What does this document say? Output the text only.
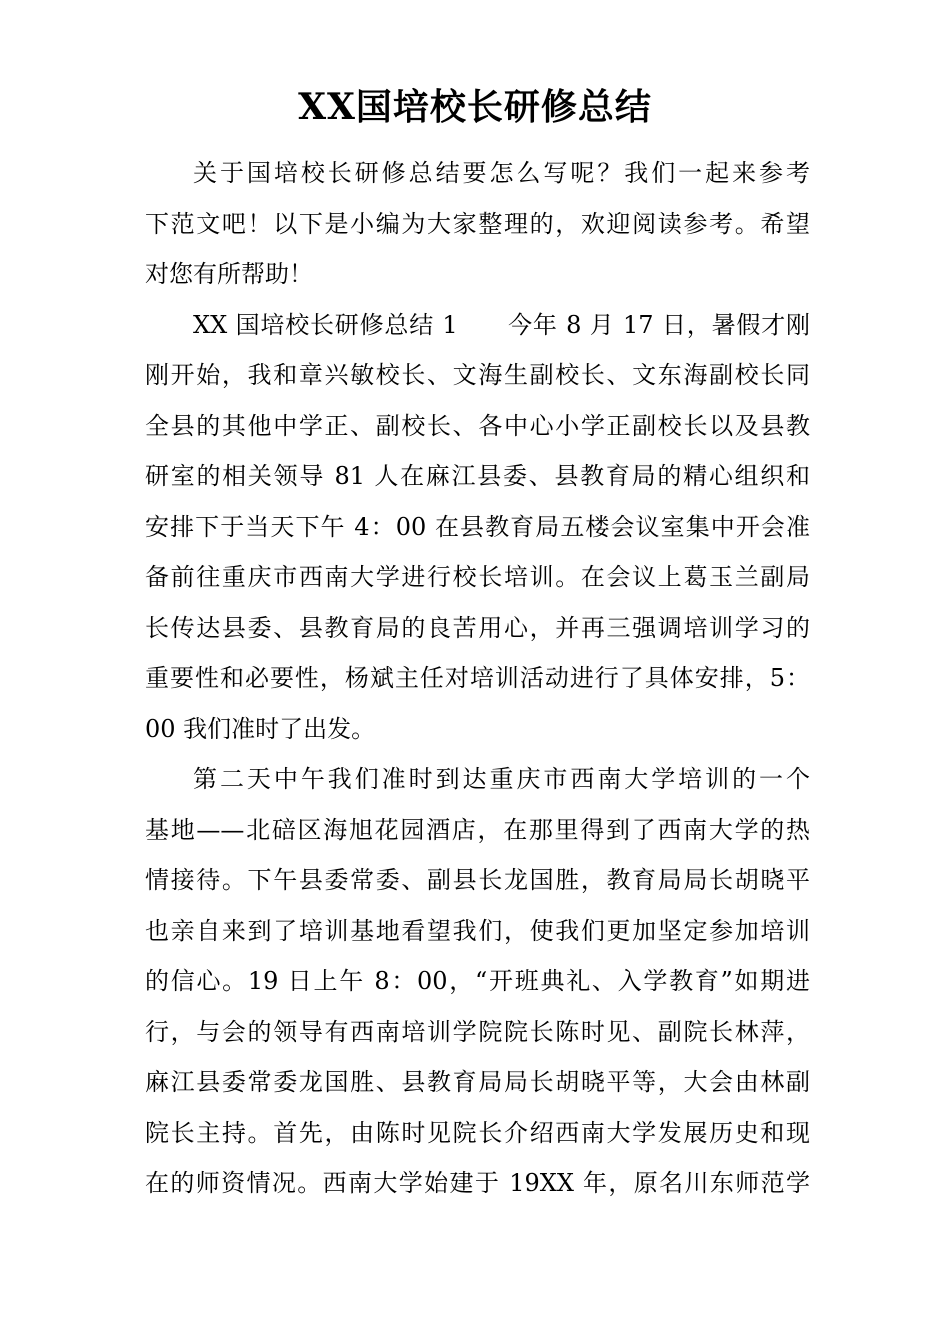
XX国培校长研修总结
关于国培校长研修总结要怎么写呢？我们一起来参考
下范文吧！以下是小编为大家整理的，欢迎阅读参考。希望
对您有所帮助！
XX 国培校长研修总结 1　　今年 8 月 17 日，暑假才刚
刚开始，我和章兴敏校长、文海生副校长、文东海副校长同
全县的其他中学正、副校长、各中心小学正副校长以及县教
研室的相关领导 81 人在麻江县委、县教育局的精心组织和
安排下于当天下午 4：00 在县教育局五楼会议室集中开会准
备前往重庆市西南大学进行校长培训。在会议上葛玉兰副局
长传达县委、县教育局的良苦用心，并再三强调培训学习的
重要性和必要性，杨斌主任对培训活动进行了具体安排，5：
00 我们准时了出发。
第二天中午我们准时到达重庆市西南大学培训的一个
基地——北碚区海旭花园酒店，在那里得到了西南大学的热
情接待。下午县委常委、副县长龙国胜，教育局局长胡晓平
也亲自来到了培训基地看望我们，使我们更加坚定参加培训
的信心。19 日上午 8：00，“开班典礼、入学教育”如期进
行，与会的领导有西南培训学院院长陈时见、副院长林萍，
麻江县委常委龙国胜、县教育局局长胡晓平等，大会由林副
院长主持。首先，由陈时见院长介绍西南大学发展历史和现
在的师资情况。西南大学始建于 19XX 年，原名川东师范学
